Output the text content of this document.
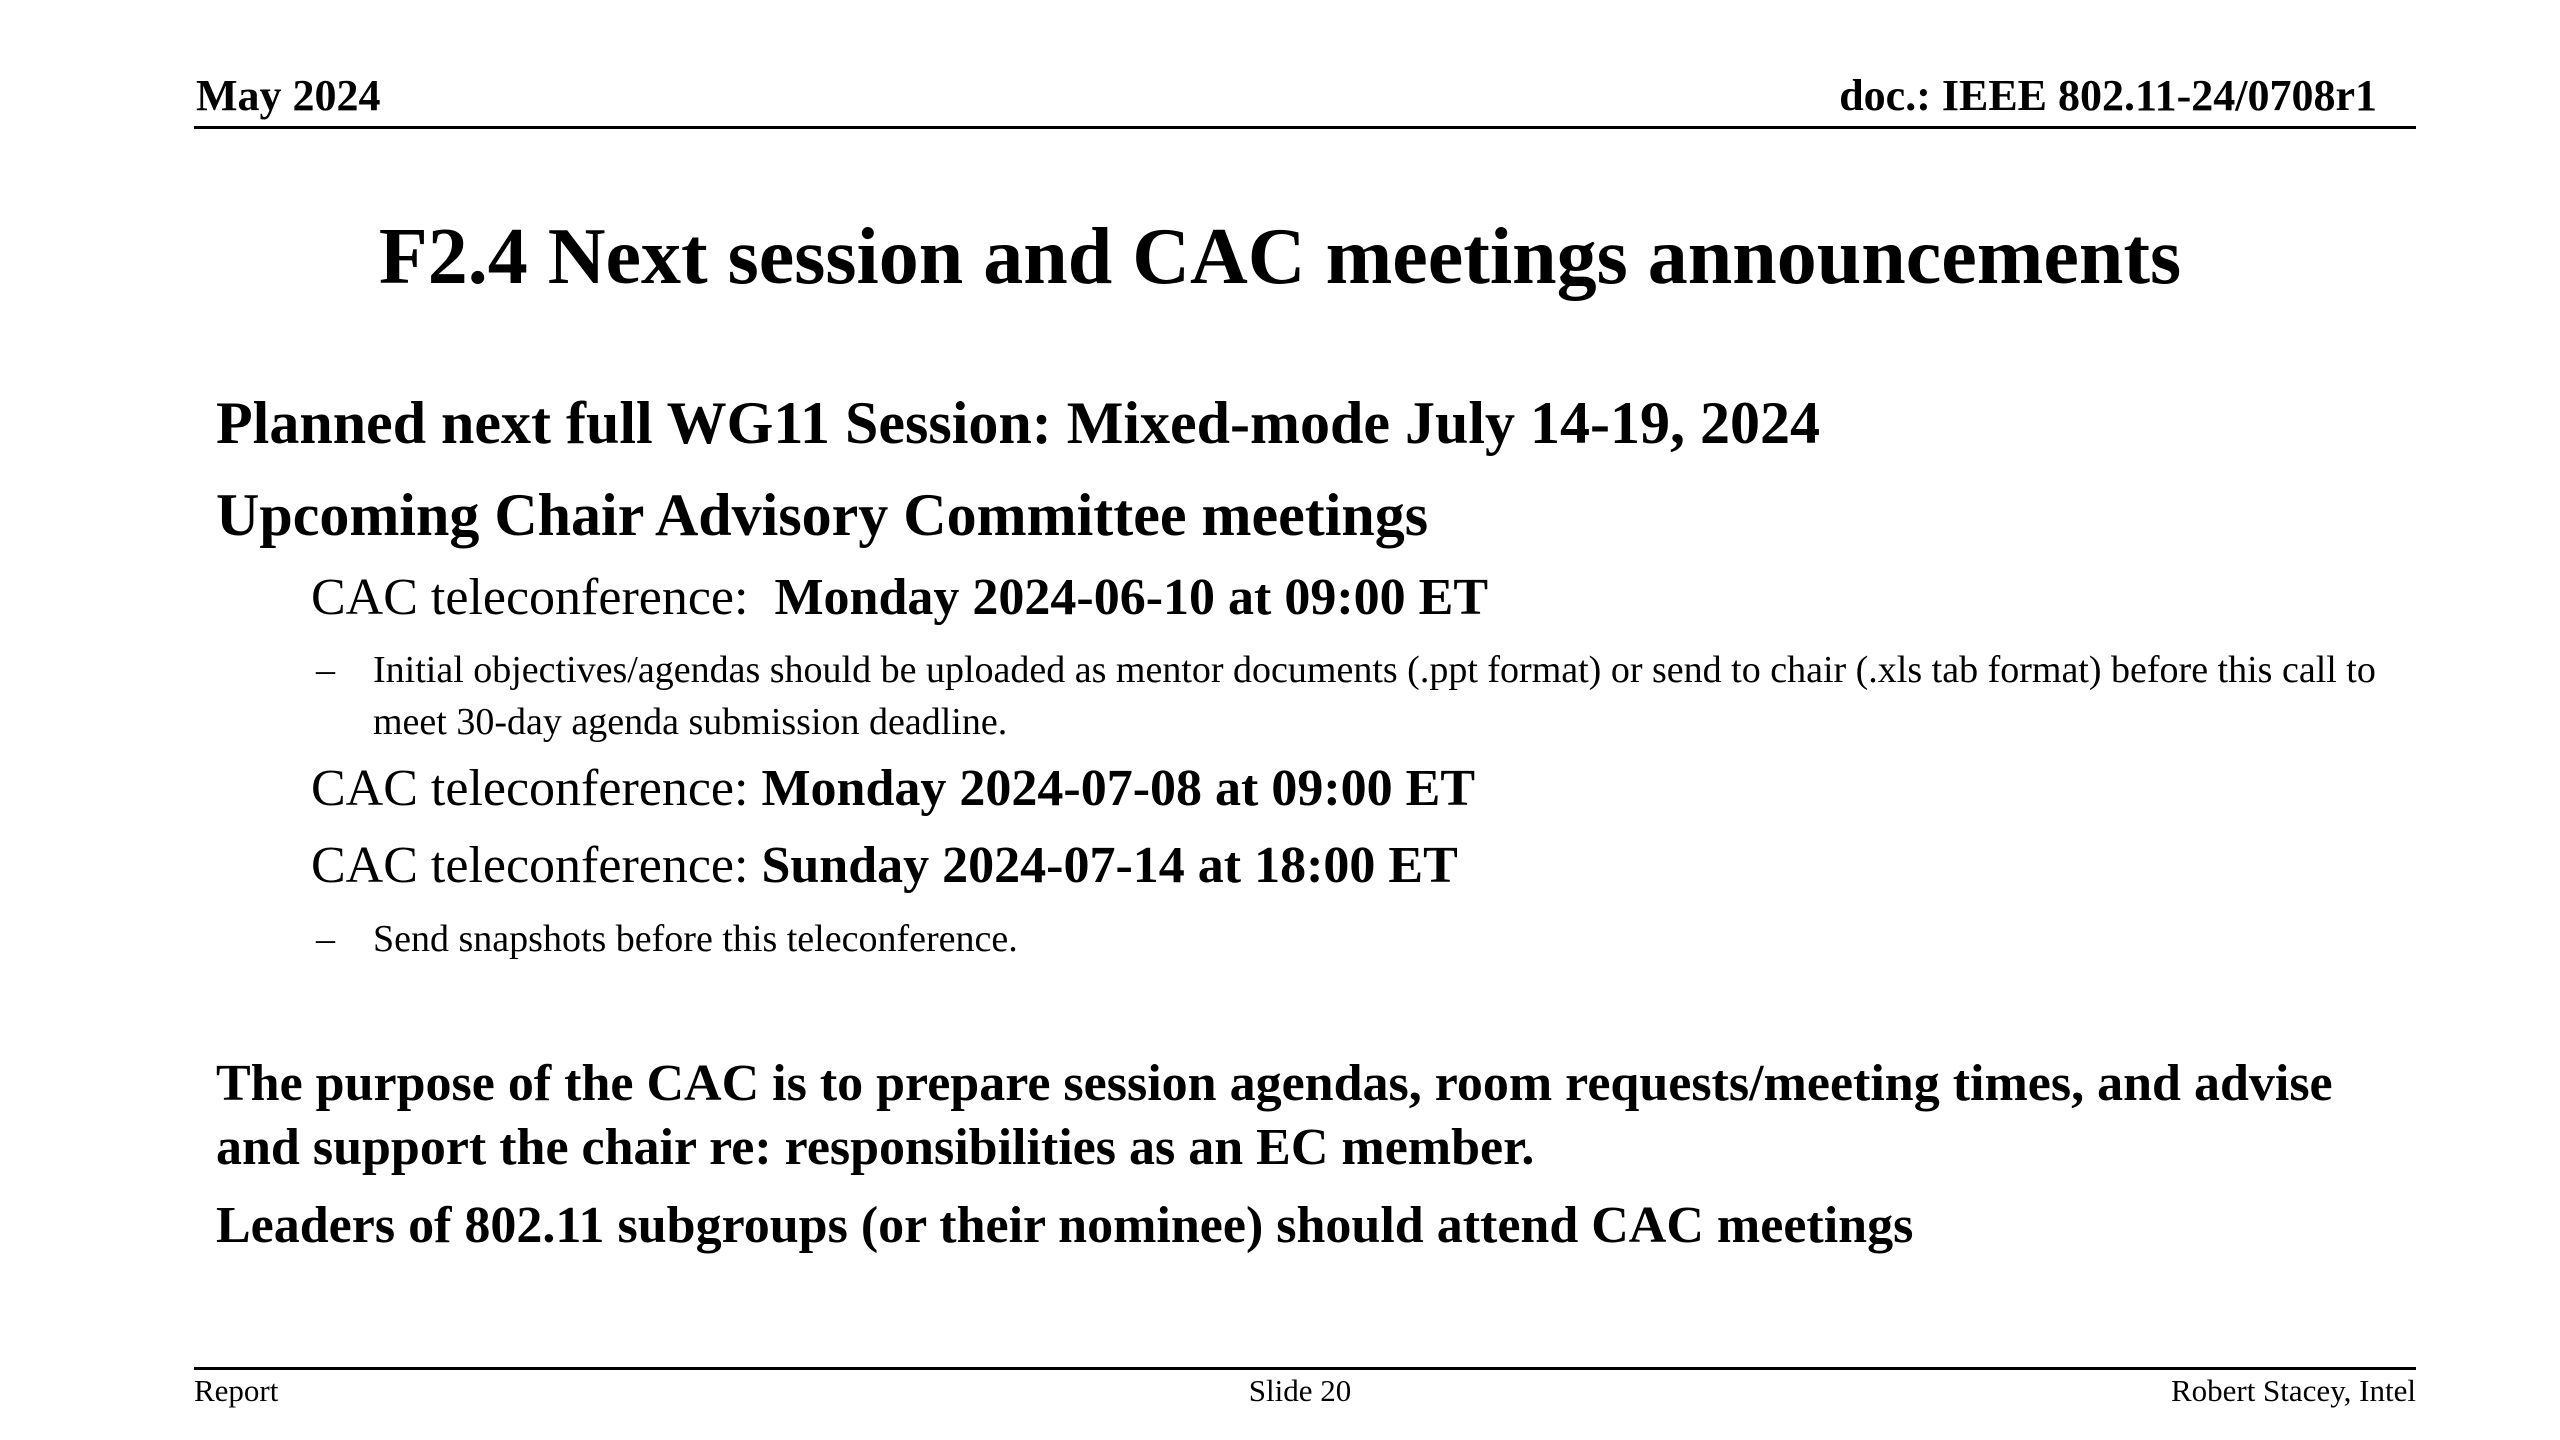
May 2024	doc.: IEEE 802.11-24/0708r1
F2.4 Next session and CAC meetings announcements
Planned next full WG11 Session: Mixed-mode July 14-19, 2024
Upcoming Chair Advisory Committee meetings
CAC teleconference:  Monday 2024-06-10 at 09:00 ET
– Initial objectives/agendas should be uploaded as mentor documents (.ppt format) or send to chair (.xls tab format) before this call to meet 30-day agenda submission deadline.
CAC teleconference: Monday 2024-07-08 at 09:00 ET
CAC teleconference: Sunday 2024-07-14 at 18:00 ET
– Send snapshots before this teleconference.
The purpose of the CAC is to prepare session agendas, room requests/meeting times, and advise and support the chair re: responsibilities as an EC member.
Leaders of 802.11 subgroups (or their nominee) should attend CAC meetings
Report	Slide 20	Robert Stacey, Intel
